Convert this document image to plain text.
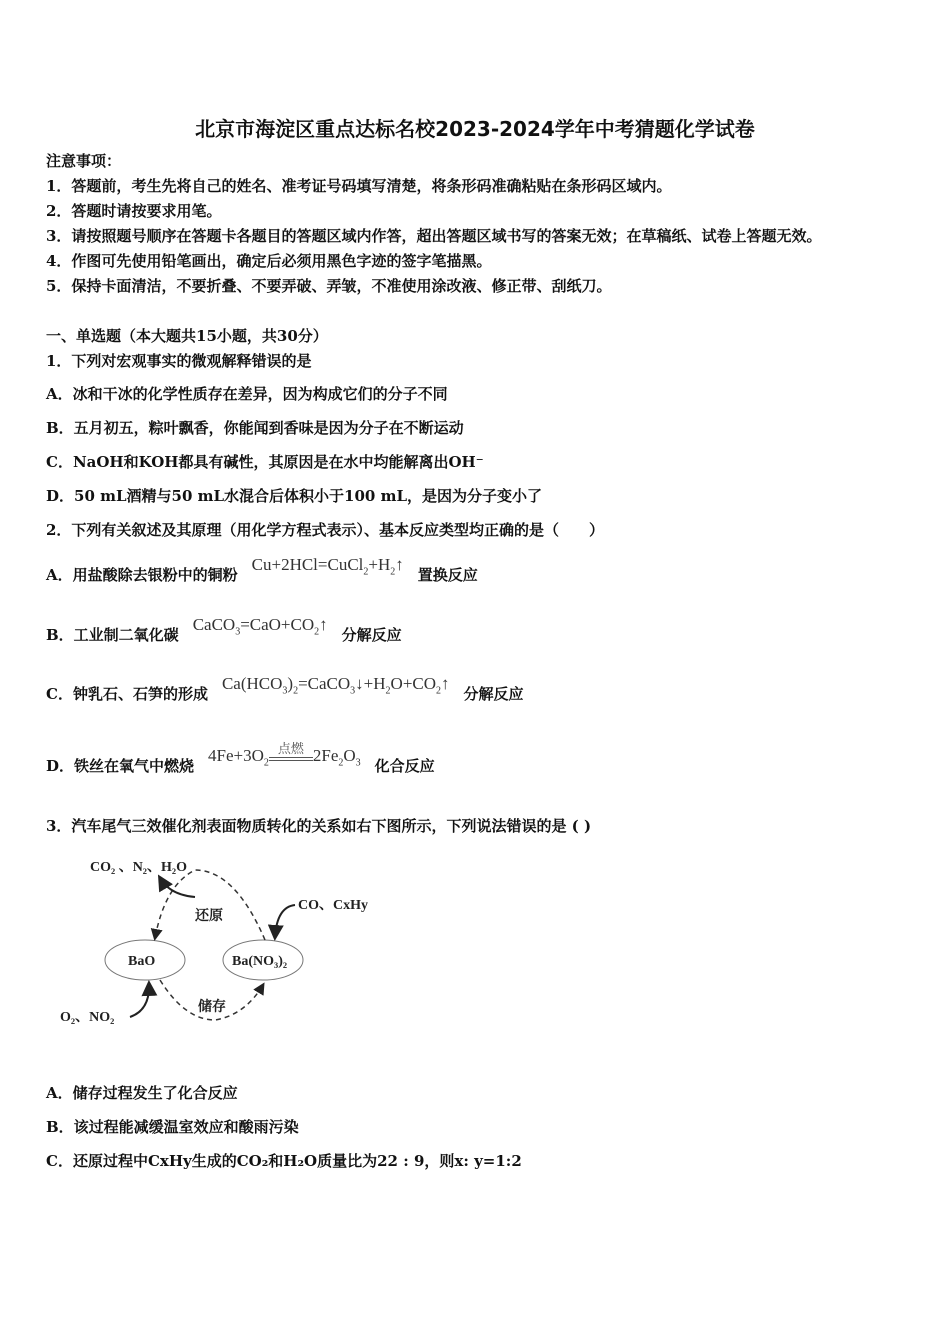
北京市海淀区重点达标名校2023-2024学年中考猜题化学试卷
注意事项：
1．答题前，考生先将自己的姓名、准考证号码填写清楚，将条形码准确粘贴在条形码区域内。
2．答题时请按要求用笔。
3．请按照题号顺序在答题卡各题目的答题区域内作答，超出答题区域书写的答案无效；在草稿纸、试卷上答题无效。
4．作图可先使用铅笔画出，确定后必须用黑色字迹的签字笔描黑。
5．保持卡面清洁，不要折叠、不要弄破、弄皱，不准使用涂改液、修正带、刮纸刀。
一、单选题（本大题共15小题，共30分）
1．下列对宏观事实的微观解释错误的是
A．冰和干冰的化学性质存在差异，因为构成它们的分子不同
B．五月初五，粽叶飘香，你能闻到香味是因为分子在不断运动
C．NaOH和KOH都具有碱性，其原因是在水中均能解离出OH⁻
D．50 mL酒精与50 mL水混合后体积小于100 mL，是因为分子变小了
2．下列有关叙述及其原理（用化学方程式表示）、基本反应类型均正确的是（　　）
A．用盐酸除去银粉中的铜粉$Cu+2HCl=CuCl_2+H_2↑$置换反应
B．工业制二氧化碳$CaCO_3=CaO+CO_2↑$分解反应
C．钟乳石、石笋的形成$Ca(HCO_3)_2=CaCO_3↓+H_2O+CO_2↑$分解反应
D．铁丝在氧气中燃烧$4Fe+3O_2$
点燃 $2Fe_2O_3$ 化合反应
3．汽车尾气三效催化剂表面物质转化的关系如右下图所示，下列说法错误的是 ( )
CO₂ 、N₂、H₂O
CO、CxHy
BaO	Ba(NO₃)₂
O₂、NO₂
还原
储存
A．储存过程发生了化合反应
B．该过程能减缓温室效应和酸雨污染
C．还原过程中CxHy生成的CO₂和H₂O质量比为22 : 9，则x: y=1:2
